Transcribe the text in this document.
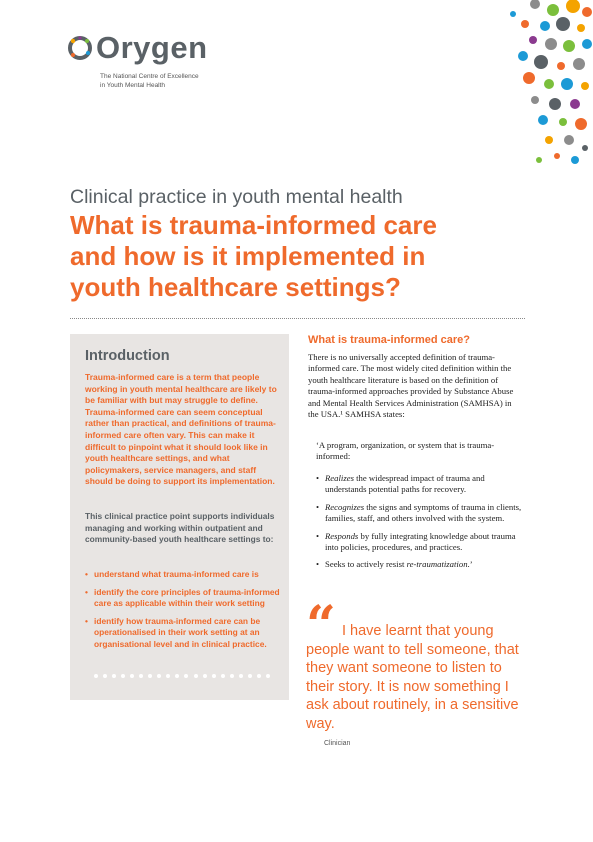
Orygen
The National Centre of Excellence
in Youth Mental Health
Clinical practice in youth mental health
What is trauma-informed care and how is it implemented in youth healthcare settings?
Introduction

Trauma-informed care is a term that people working in youth mental healthcare are likely to be familiar with but may struggle to define. Trauma-informed care can seem conceptual rather than practical, and definitions of trauma-informed care often vary. This can make it difficult to pinpoint what it should look like in youth healthcare settings, and what policymakers, service managers, and staff should be doing to support its implementation.

This clinical practice point supports individuals managing and working within outpatient and community-based youth healthcare settings to:

• understand what trauma-informed care is
• identify the core principles of trauma-informed care as applicable within their work setting
• identify how trauma-informed care can be operationalised in their work setting at an organisational level and in clinical practice.
What is trauma-informed care?
There is no universally accepted definition of trauma-informed care. The most widely cited definition within the youth healthcare literature is based on the definition of trauma-informed approaches provided by Substance Abuse and Mental Health Services Administration (SAMHSA) in the USA.¹ SAMHSA states:
‘A program, organization, or system that is trauma-informed:
• Realizes the widespread impact of trauma and understands potential paths for recovery.
• Recognizes the signs and symptoms of trauma in clients, families, staff, and others involved with the system.
• Responds by fully integrating knowledge about trauma into policies, procedures, and practices.
• Seeks to actively resist re-traumatization.’
“ I have learnt that young people want to tell someone, that they want someone to listen to their story. It is now something I ask about routinely, in a sensitive way.
Clinician
